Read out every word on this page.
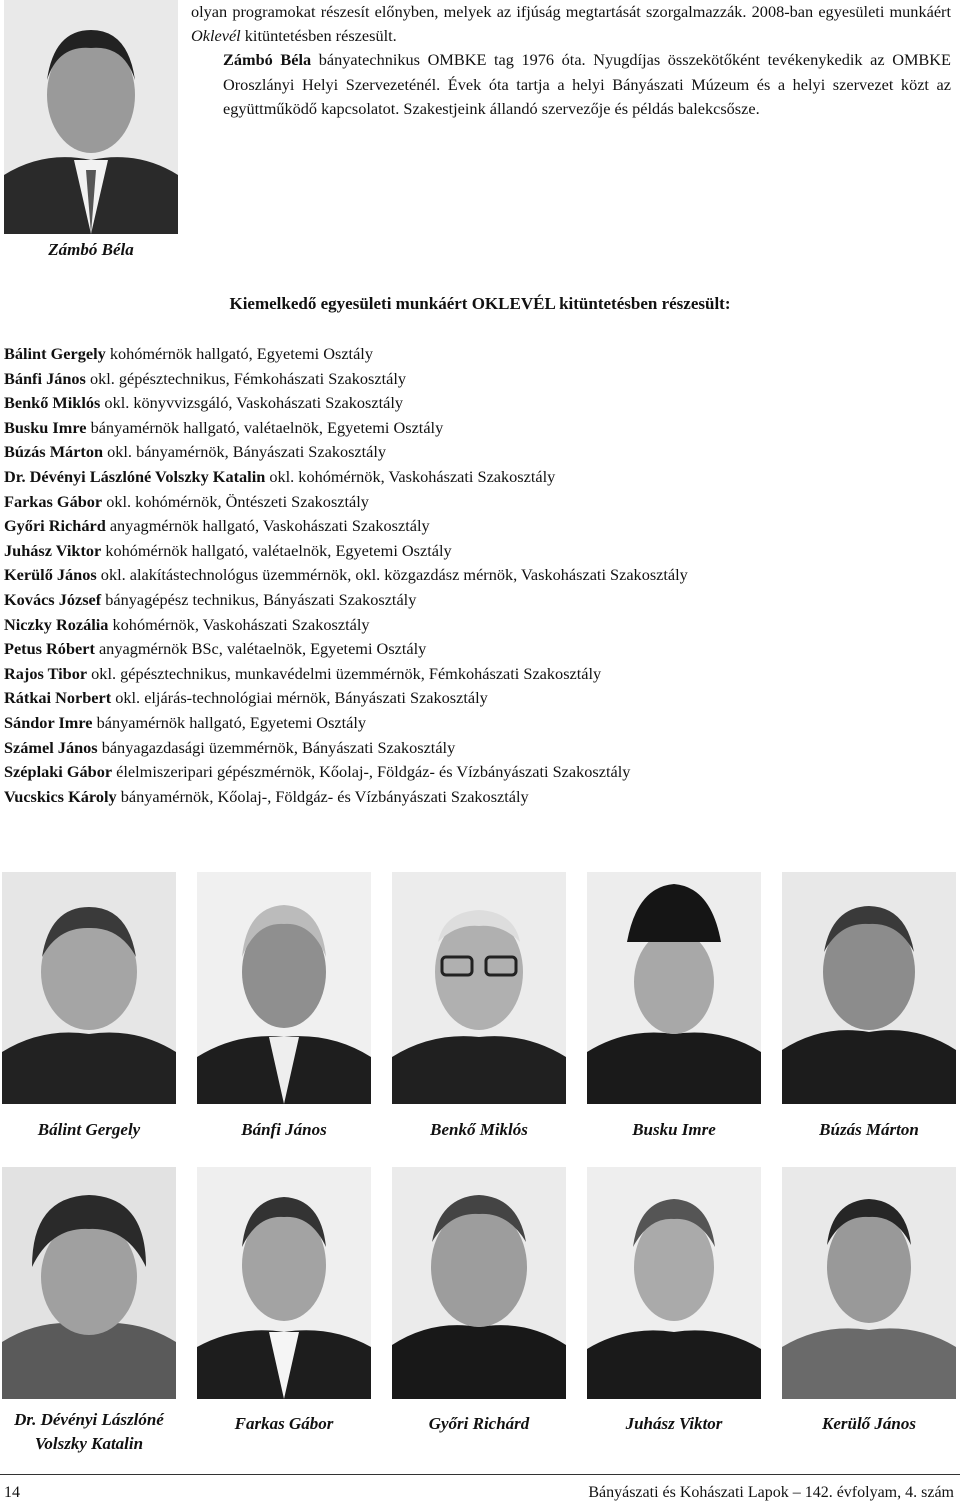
olyan programokat részesít előnyben, melyek az ifjúság megtartását szorgalmazzák. 2008-ban egyesületi munkáért Oklevél kitüntetésben részesült.

Zámbó Béla bányatechnikus OMBKE tag 1976 óta. Nyugdíjas összekötőként tevékenykedik az OMBKE Oroszlányi Helyi Szervezeténél. Évek óta tartja a helyi Bányászati Múzeum és a helyi szervezet közt az együttműködő kapcsolatot. Szakestjeink állandó szervezője és példás balekcsősze.

Zámbó Béla
Kiemelkedő egyesületi munkáért OKLEVÉL kitüntetésben részesült:
Bálint Gergely kohómérnök hallgató, Egyetemi Osztály
Bánfi János okl. gépésztechnikus, Fémkohászati Szakosztály
Benkő Miklós okl. könyvvizsgáló, Vaskohászati Szakosztály
Busku Imre bányamérnök hallgató, valétaelnök, Egyetemi Osztály
Búzás Márton okl. bányamérnök, Bányászati Szakosztály
Dr. Dévényi Lászlóné Volszky Katalin okl. kohómérnök, Vaskohászati Szakosztály
Farkas Gábor okl. kohómérnök, Öntészeti Szakosztály
Győri Richárd anyagmérnök hallgató, Vaskohászati Szakosztály
Juhász Viktor kohómérnök hallgató, valétaelnök, Egyetemi Osztály
Kerülő János okl. alakítástechnológus üzemmérnök, okl. közgazdász mérnök, Vaskohászati Szakosztály
Kovács József bányagépész technikus, Bányászati Szakosztály
Niczky Rozália kohómérnök, Vaskohászati Szakosztály
Petus Róbert anyagmérnök BSc, valétaelnök, Egyetemi Osztály
Rajos Tibor okl. gépésztechnikus, munkavédelmi üzemmérnök, Fémkohászati Szakosztály
Rátkai Norbert okl. eljárás-technológiai mérnök, Bányászati Szakosztály
Sándor Imre bányamérnök hallgató, Egyetemi Osztály
Számel János bányagazdasági üzemmérnök, Bányászati Szakosztály
Széplaki Gábor élelmiszeripari gépészmérnök, Kőolaj-, Földgáz- és Vízbányászati Szakosztály
Vucskics Károly bányamérnök, Kőolaj-, Földgáz- és Vízbányászati Szakosztály
Bálint Gergely	Bánfi János	Benkő Miklós	Busku Imre	Búzás Márton
Dr. Dévényi Lászlóné
Volszky Katalin
Farkas Gábor	Győri Richárd	Juhász Viktor	Kerülő János
14	Bányászati és Kohászati Lapok – 142. évfolyam, 4. szám
